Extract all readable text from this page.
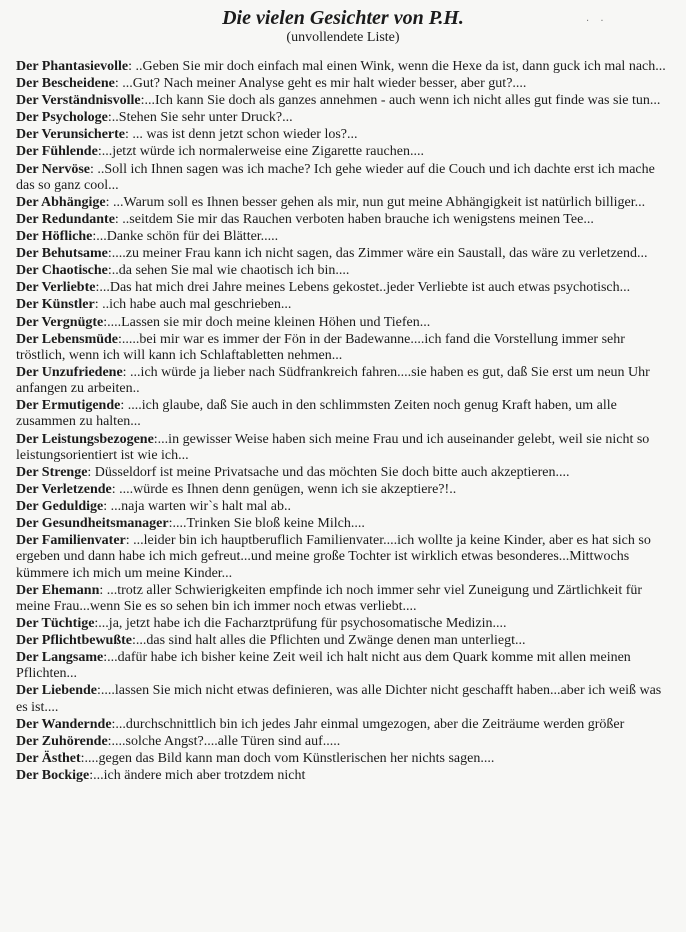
· ·
Die vielen Gesichter von P.H.
(unvollendete Liste)
Der Phantasievolle: ..Geben Sie mir doch einfach mal einen Wink, wenn die Hexe da ist, dann guck ich mal nach...
Der Bescheidene: ...Gut? Nach meiner Analyse geht es mir halt wieder besser, aber gut?....
Der Verständnisvolle:...Ich kann Sie doch als ganzes annehmen - auch wenn ich nicht alles gut finde was sie tun...
Der Psychologe:..Stehen Sie sehr unter Druck?...
Der Verunsicherte: ... was ist denn jetzt schon wieder los?...
Der Fühlende:...jetzt würde ich normalerweise eine Zigarette rauchen....
Der Nervöse: ..Soll ich Ihnen sagen was ich mache? Ich gehe wieder auf die Couch und ich dachte erst ich mache das so ganz cool...
Der Abhängige: ...Warum soll es Ihnen besser gehen als mir, nun gut meine Abhängigkeit ist natürlich billiger...
Der Redundante: ..seitdem Sie mir das Rauchen verboten haben brauche ich wenigstens meinen Tee...
Der Höfliche:...Danke schön für dei Blätter.....
Der Behutsame:....zu meiner Frau kann ich nicht sagen, das Zimmer wäre ein Saustall, das wäre zu verletzend...
Der Chaotische:..da sehen Sie mal wie chaotisch ich bin....
Der Verliebte:...Das hat mich drei Jahre meines Lebens gekostet..jeder Verliebte ist auch etwas psychotisch...
Der Künstler: ..ich habe auch mal geschrieben...
Der Vergnügte:....Lassen sie mir doch meine kleinen Höhen und Tiefen...
Der Lebensmüde:.....bei mir war es immer der Fön in der Badewanne....ich fand die Vorstellung immer sehr tröstlich, wenn ich will kann ich Schlaftabletten nehmen...
Der Unzufriedene: ...ich würde ja lieber nach Südfrankreich fahren....sie haben es gut, daß Sie erst um neun Uhr anfangen zu arbeiten..
Der Ermutigende: ....ich glaube, daß Sie auch in den schlimmsten Zeiten noch genug Kraft haben, um alle zusammen zu halten...
Der Leistungsbezogene:...in gewisser Weise haben sich meine Frau und ich auseinander gelebt, weil sie nicht so leistungsorientiert ist wie ich...
Der Strenge: Düsseldorf ist meine Privatsache und das möchten Sie doch bitte auch akzeptieren....
Der Verletzende: ....würde es Ihnen denn genügen, wenn ich sie akzeptiere?!..
Der Geduldige: ...naja warten wir`s halt mal ab..
Der Gesundheitsmanager:....Trinken Sie bloß keine Milch....
Der Familienvater: ...leider bin ich hauptberuflich Familienvater....ich wollte ja keine Kinder, aber es hat sich so ergeben und dann habe ich mich gefreut...und meine große Tochter ist wirklich etwas besonderes...Mittwochs kümmere ich mich um meine Kinder...
Der Ehemann: ...trotz aller Schwierigkeiten empfinde ich noch immer sehr viel Zuneigung und Zärtlichkeit für meine Frau...wenn Sie es so sehen bin ich immer noch etwas verliebt....
Der Tüchtige:...ja, jetzt habe ich die Facharztprüfung für psychosomatische Medizin....
Der Pflichtbewußte:...das sind halt alles die Pflichten und Zwänge denen man unterliegt...
Der Langsame:...dafür habe ich bisher keine Zeit weil ich halt nicht aus dem Quark komme mit allen meinen Pflichten...
Der Liebende:....lassen Sie mich nicht etwas definieren, was alle Dichter nicht geschafft haben...aber ich weiß was es ist....
Der Wandernde:...durchschnittlich bin ich jedes Jahr einmal umgezogen, aber die Zeiträume werden größer
Der Zuhörende:....solche Angst?....alle Türen sind auf.....
Der Ästhet:....gegen das Bild kann man doch vom Künstlerischen her nichts sagen....
Der Bockige:...ich ändere mich aber trotzdem nicht
